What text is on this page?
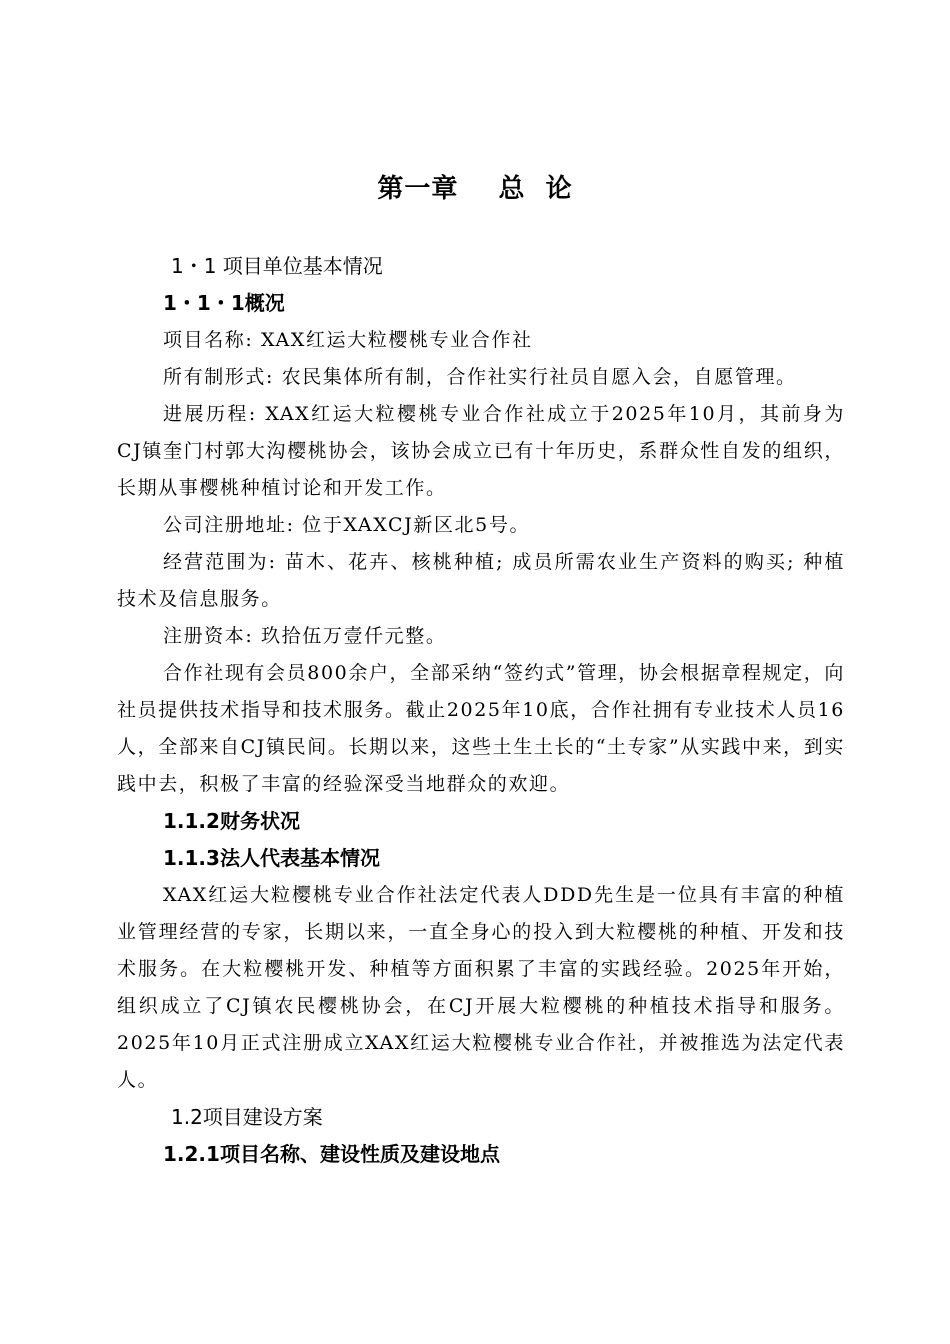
第一章    总  论
1・1 项目单位基本情况
1・1・1概况
项目名称: XAX红运大粒樱桃专业合作社
所有制形式: 农民集体所有制，合作社实行社员自愿入会，自愿管理。
进展历程: XAX红运大粒樱桃专业合作社成立于2025年10月，其前身为CJ镇奎门村郭大沟樱桃协会，该协会成立已有十年历史，系群众性自发的组织，长期从事樱桃种植讨论和开发工作。
公司注册地址: 位于XAXCJ新区北5号。
经营范围为: 苗木、花卉、核桃种植; 成员所需农业生产资料的购买; 种植技术及信息服务。
注册资本: 玖拾伍万壹仟元整。
合作社现有会员800余户，全部采纳“签约式”管理，协会根据章程规定，向社员提供技术指导和技术服务。截止2025年10底，合作社拥有专业技术人员16人，全部来自CJ镇民间。长期以来，这些土生土长的“土专家”从实践中来，到实践中去，积极了丰富的经验深受当地群众的欢迎。
1.1.2财务状况
1.1.3法人代表基本情况
XAX红运大粒樱桃专业合作社法定代表人DDD先生是一位具有丰富的种植业管理经营的专家，长期以来，一直全身心的投入到大粒樱桃的种植、开发和技术服务。在大粒樱桃开发、种植等方面积累了丰富的实践经验。2025年开始，组织成立了CJ镇农民樱桃协会，在CJ开展大粒樱桃的种植技术指导和服务。2025年10月正式注册成立XAX红运大粒樱桃专业合作社，并被推选为法定代表人。
1.2项目建设方案
1.2.1项目名称、建设性质及建设地点
